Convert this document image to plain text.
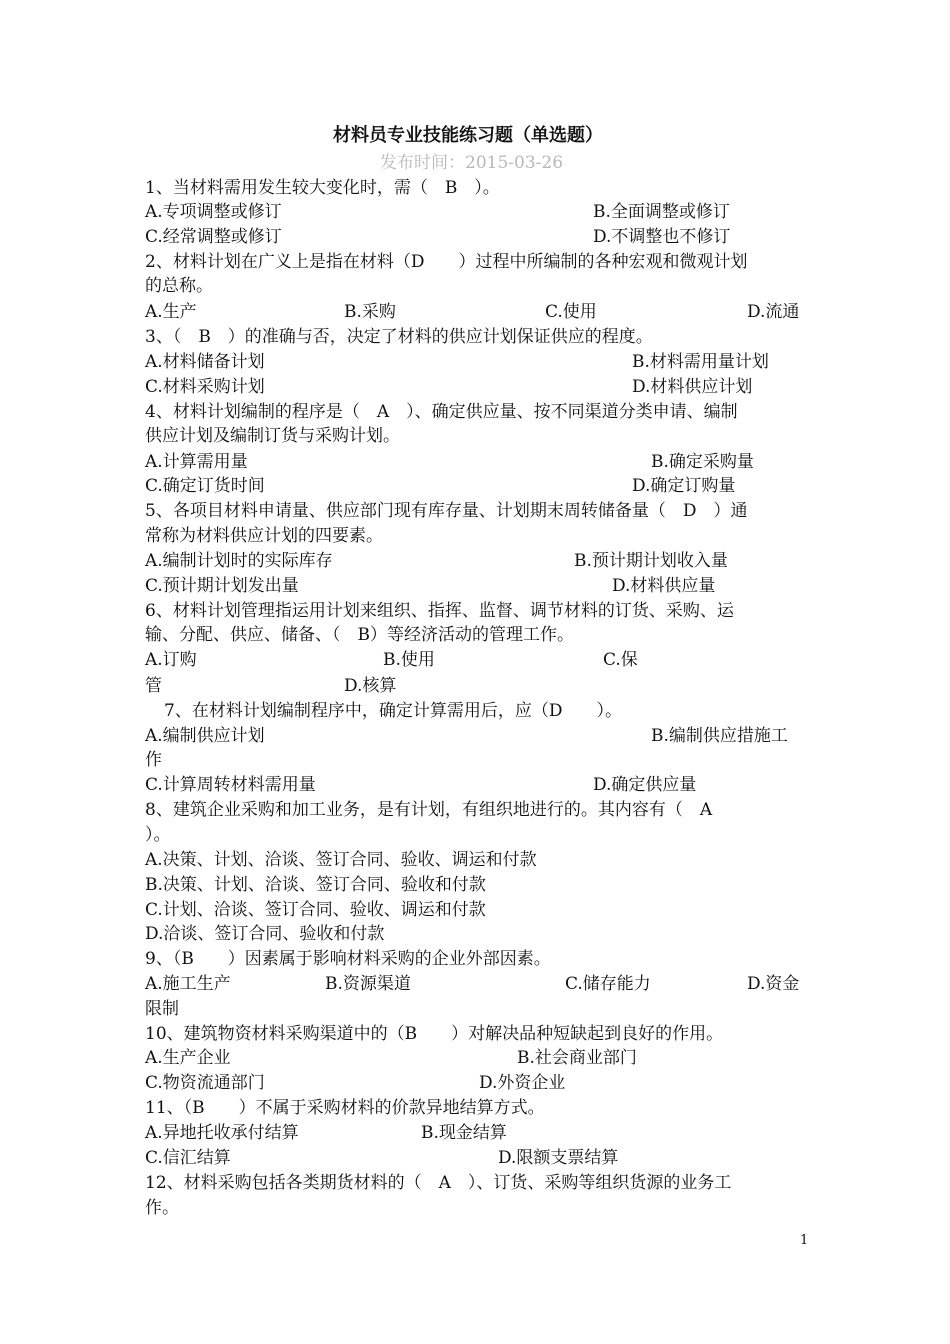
材料员专业技能练习题（单选题）
发布时间：2015-03-26
1、当材料需用发生较大变化时，需（　B　）。
A.专项调整或修订	B.全面调整或修订
C.经常调整或修订	D.不调整也不修订
2、材料计划在广义上是指在材料（D　　）过程中所编制的各种宏观和微观计划
的总称。
A.生产	B.采购	C.使用	D.流通
3、（　B　）的准确与否，决定了材料的供应计划保证供应的程度。
A.材料储备计划	B.材料需用量计划
C.材料采购计划	D.材料供应计划
4、材料计划编制的程序是（　A　）、确定供应量、按不同渠道分类申请、编制
供应计划及编制订货与采购计划。
A.计算需用量	B.确定采购量
C.确定订货时间	D.确定订购量
5、各项目材料申请量、供应部门现有库存量、计划期末周转储备量（　D　）通
常称为材料供应计划的四要素。
A.编制计划时的实际库存	B.预计期计划收入量
C.预计期计划发出量	D.材料供应量
6、材料计划管理指运用计划来组织、指挥、监督、调节材料的订货、采购、运
输、分配、供应、储备、（　B）等经济活动的管理工作。
A.订购	B.使用	C.保
管	D.核算
7、在材料计划编制程序中，确定计算需用后，应（D　　）。
A.编制供应计划	B.编制供应措施工
作
C.计算周转材料需用量	D.确定供应量
8、建筑企业采购和加工业务，是有计划，有组织地进行的。其内容有（　A
）。
A.决策、计划、洽谈、签订合同、验收、调运和付款
B.决策、计划、洽谈、签订合同、验收和付款
C.计划、洽谈、签订合同、验收、调运和付款
D.洽谈、签订合同、验收和付款
9、（B　　）因素属于影响材料采购的企业外部因素。
A.施工生产	B.资源渠道	C.储存能力	D.资金
限制
10、建筑物资材料采购渠道中的（B　　）对解决品种短缺起到良好的作用。
A.生产企业	B.社会商业部门
C.物资流通部门	D.外资企业
11、（B　　）不属于采购材料的价款异地结算方式。
A.异地托收承付结算	B.现金结算
C.信汇结算	D.限额支票结算
12、材料采购包括各类期货材料的（　A　）、订货、采购等组织货源的业务工
作。
1
